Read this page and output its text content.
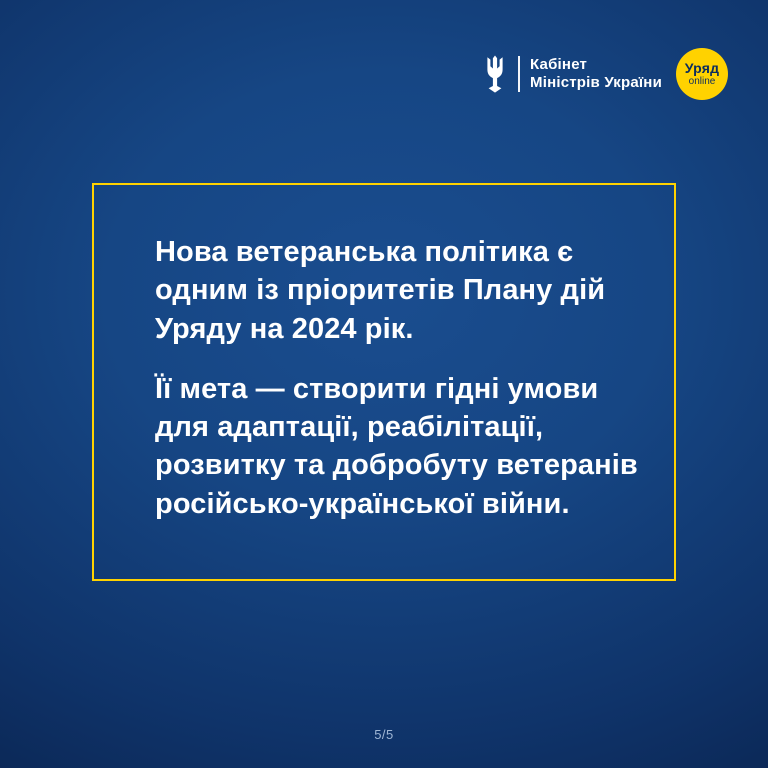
Кабінет
Міністрів України
Уряд
online

Нова ветеранська політика є одним із пріоритетів Плану дій Уряду на 2024 рік.

Її мета — створити гідні умови для адаптації, реабілітації, розвитку та добробуту ветеранів російсько-української війни.

5/5
